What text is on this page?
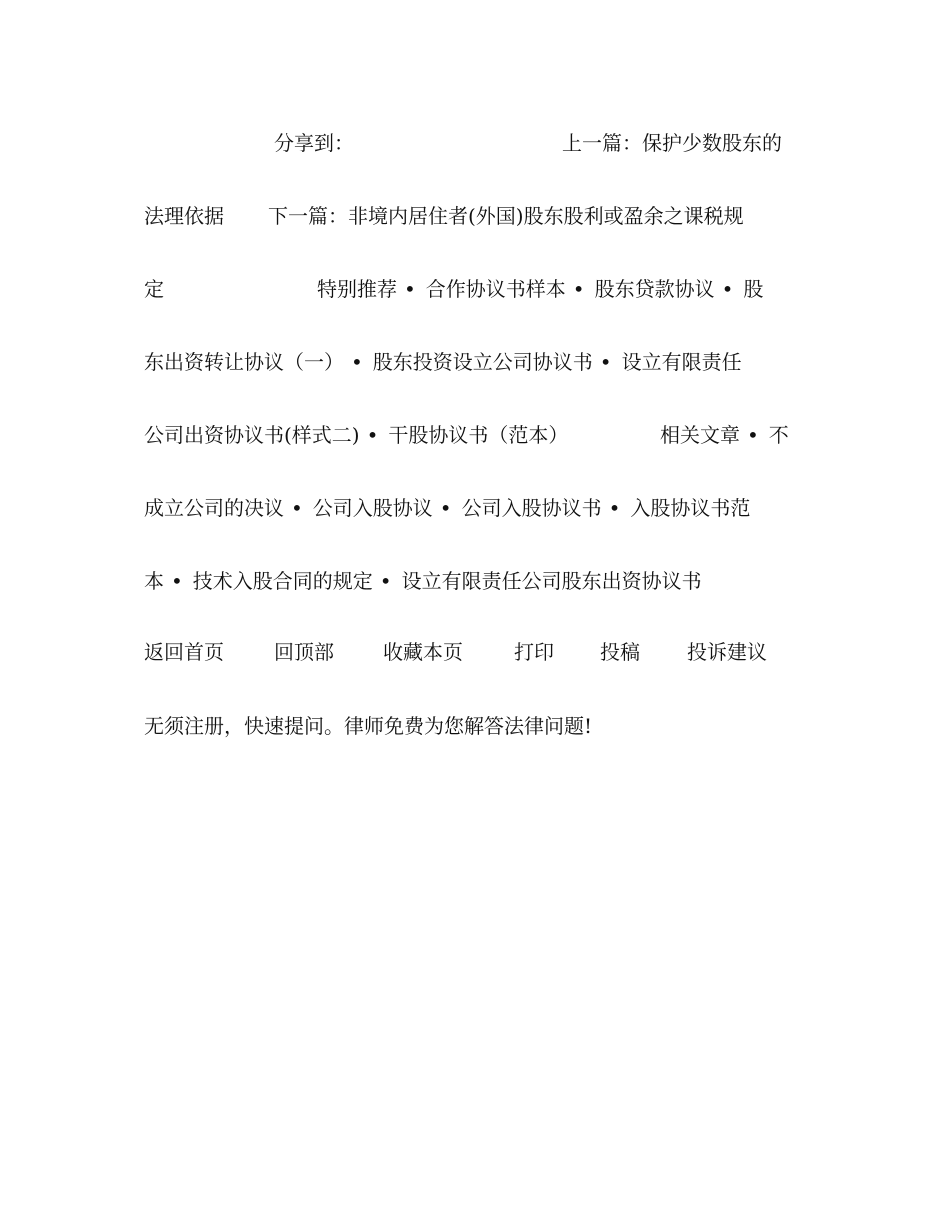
分享到：	上一篇：保护少数股东的
法理依据 下一篇：非境内居住者(外国)股东股利或盈余之课税规
定	特别推荐 • 合作协议书样本 • 股东贷款协议 • 股
东出资转让协议（一） • 股东投资设立公司协议书 • 设立有限责任
公司出资协议书(样式二) • 干股协议书（范本）	相关文章 • 不
成立公司的决议 • 公司入股协议 • 公司入股协议书 • 入股协议书范
本 • 技术入股合同的规定 • 设立有限责任公司股东出资协议书
返回首页	回顶部 收藏本页	打印 投稿 投诉建议
无须注册，快速提问。律师免费为您解答法律问题!
